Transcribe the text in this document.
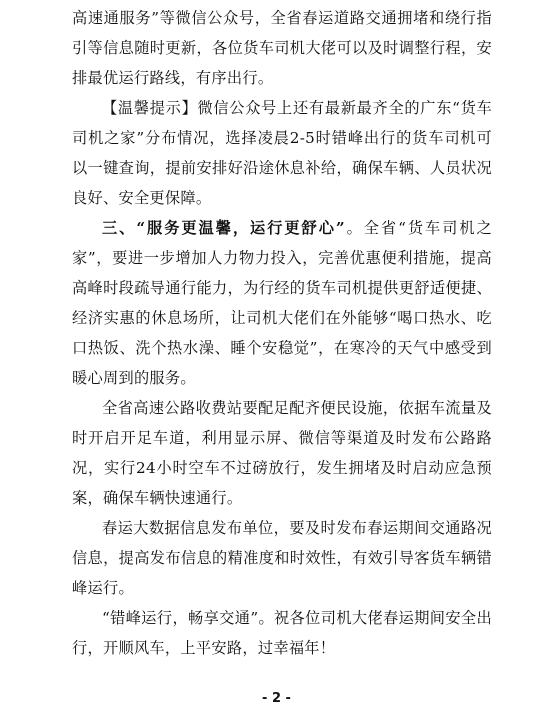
高速通服务”等微信公众号，全省春运道路交通拥堵和绕行指引等信息随时更新，各位货车司机大佬可以及时调整行程，安排最优运行路线，有序出行。

【温馨提示】微信公众号上还有最新最齐全的广东“货车司机之家”分布情况，选择凌晨2-5时错峰出行的货车司机可以一键查询，提前安排好沿途休息补给，确保车辆、人员状况良好、安全更保障。

三、“服务更温馨，运行更舒心”。全省“货车司机之家”，要进一步增加人力物力投入，完善优惠便利措施，提高高峰时段疏导通行能力，为行经的货车司机提供更舒适便捷、经济实惠的休息场所，让司机大佬们在外能够“喝口热水、吃口热饭、洗个热水澡、睡个安稳觉”，在寒冷的天气中感受到暖心周到的服务。

全省高速公路收费站要配足配齐便民设施，依据车流量及时开启开足车道，利用显示屏、微信等渠道及时发布公路路况，实行24小时空车不过磅放行，发生拥堵及时启动应急预案，确保车辆快速通行。

春运大数据信息发布单位，要及时发布春运期间交通路况信息，提高发布信息的精准度和时效性，有效引导客货车辆错峰运行。

“错峰运行，畅享交通”。祝各位司机大佬春运期间安全出行，开顺风车，上平安路，过幸福年！

- 2 -
